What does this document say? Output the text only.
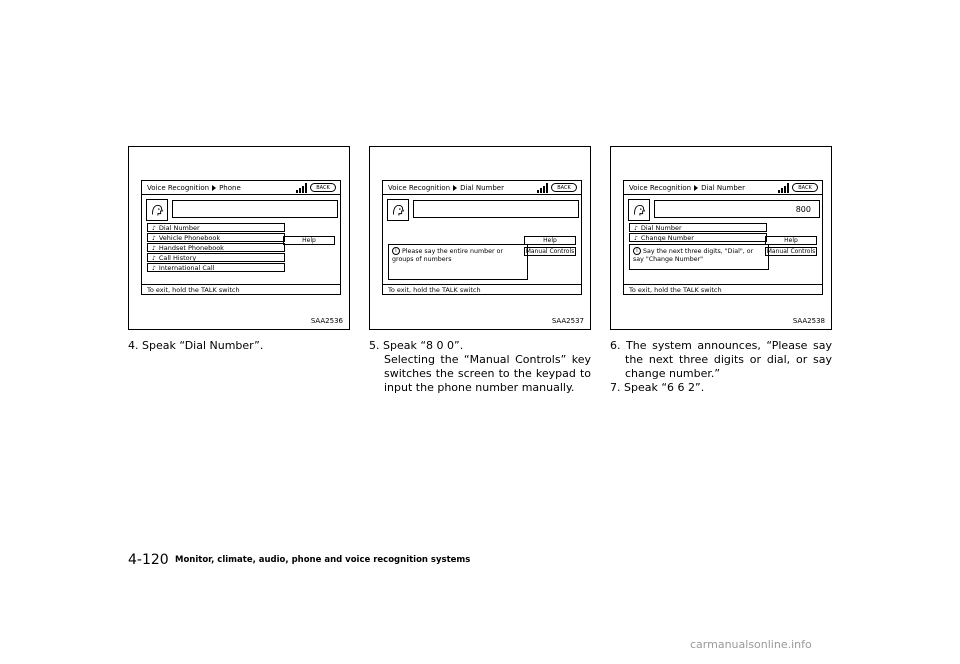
Voice Recognition Phone	BACK
♪ Dial Number
♪ Vehicle Phonebook
♪ Handset Phonebook
♪ Call History
♪ International Call
Help
To exit, hold the TALK switch
SAA2536
Voice Recognition Dial Number	BACK
i Please say the entire number or groups of numbers
Help
Manual Controls
To exit, hold the TALK switch
SAA2537
Voice Recognition Dial Number	BACK
800
♪ Dial Number
♪ Change Number
i Say the next three digits, "Dial", or say "Change Number"
Help
Manual Controls
To exit, hold the TALK switch
SAA2538
4. Speak “Dial Number”.	5. Speak “8 0 0”.
Selecting the “Manual Controls” key switches the screen to the keypad to input the phone number manually.
6. The system announces, “Please say the next three digits or dial, or say change number.”
7. Speak “6 6 2”.
4-120 Monitor, climate, audio, phone and voice recognition systems
carmanualsonline.info
